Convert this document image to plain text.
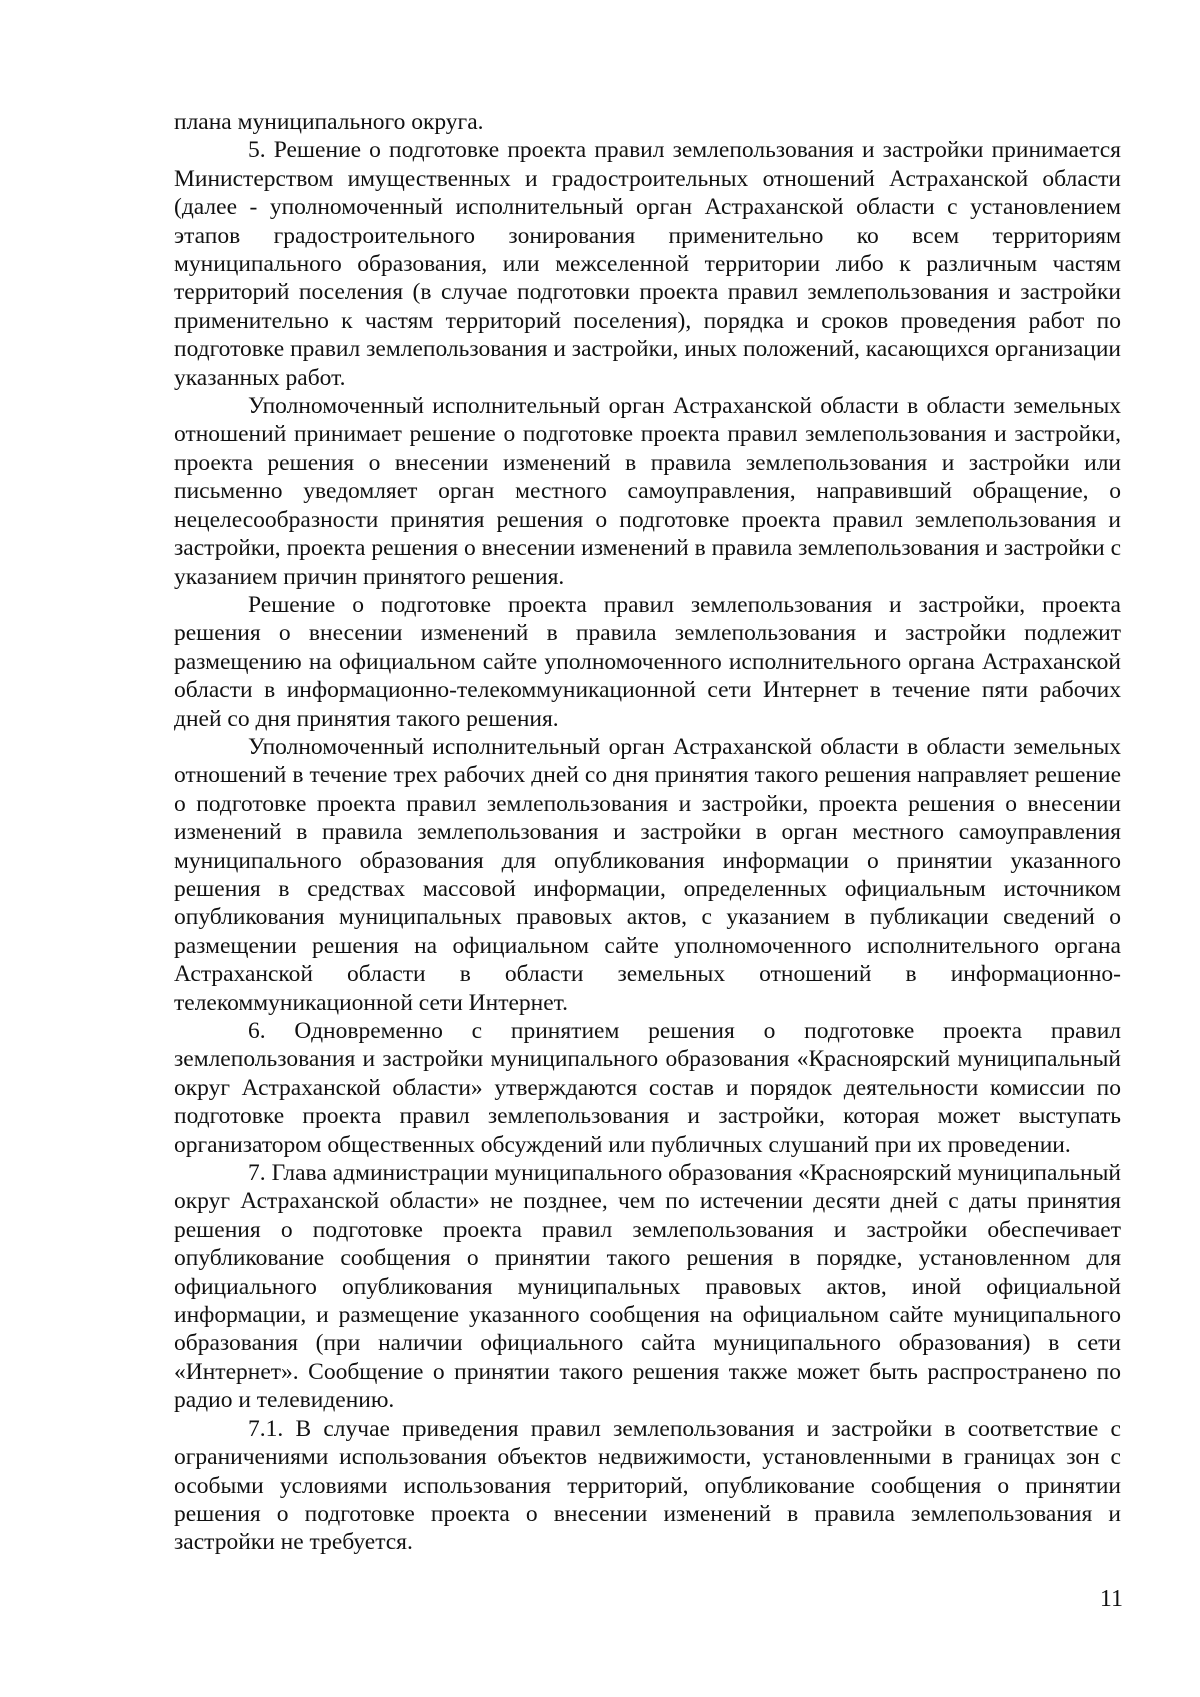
плана муниципального округа.

5. Решение о подготовке проекта правил землепользования и застройки принимается Министерством имущественных и градостроительных отношений Астраханской области (далее - уполномоченный исполнительный орган Астраханской области с установлением этапов градостроительного зонирования применительно ко всем территориям муниципального образования, или межселенной территории либо к различным частям территорий поселения (в случае подготовки проекта правил землепользования и застройки применительно к частям территорий поселения), порядка и сроков проведения работ по подготовке правил землепользования и застройки, иных положений, касающихся организации указанных работ.

Уполномоченный исполнительный орган Астраханской области в области земельных отношений принимает решение о подготовке проекта правил землепользования и застройки, проекта решения о внесении изменений в правила землепользования и застройки или письменно уведомляет орган местного самоуправления, направивший обращение, о нецелесообразности принятия решения о подготовке проекта правил землепользования и застройки, проекта решения о внесении изменений в правила землепользования и застройки с указанием причин принятого решения.

Решение о подготовке проекта правил землепользования и застройки, проекта решения о внесении изменений в правила землепользования и застройки подлежит размещению на официальном сайте уполномоченного исполнительного органа Астраханской области в информационно-телекоммуникационной сети Интернет в течение пяти рабочих дней со дня принятия такого решения.

Уполномоченный исполнительный орган Астраханской области в области земельных отношений в течение трех рабочих дней со дня принятия такого решения направляет решение о подготовке проекта правил землепользования и застройки, проекта решения о внесении изменений в правила землепользования и застройки в орган местного самоуправления муниципального образования для опубликования информации о принятии указанного решения в средствах массовой информации, определенных официальным источником опубликования муниципальных правовых актов, с указанием в публикации сведений о размещении решения на официальном сайте уполномоченного исполнительного органа Астраханской области в области земельных отношений в информационно-телекоммуникационной сети Интернет.

6. Одновременно с принятием решения о подготовке проекта правил землепользования и застройки муниципального образования «Красноярский муниципальный округ Астраханской области» утверждаются состав и порядок деятельности комиссии по подготовке проекта правил землепользования и застройки, которая может выступать организатором общественных обсуждений или публичных слушаний при их проведении.

7. Глава администрации муниципального образования «Красноярский муниципальный округ Астраханской области» не позднее, чем по истечении десяти дней с даты принятия решения о подготовке проекта правил землепользования и застройки обеспечивает опубликование сообщения о принятии такого решения в порядке, установленном для официального опубликования муниципальных правовых актов, иной официальной информации, и размещение указанного сообщения на официальном сайте муниципального образования (при наличии официального сайта муниципального образования) в сети «Интернет». Сообщение о принятии такого решения также может быть распространено по радио и телевидению.

7.1. В случае приведения правил землепользования и застройки в соответствие с ограничениями использования объектов недвижимости, установленными в границах зон с особыми условиями использования территорий, опубликование сообщения о принятии решения о подготовке проекта о внесении изменений в правила землепользования и застройки не требуется.

11
